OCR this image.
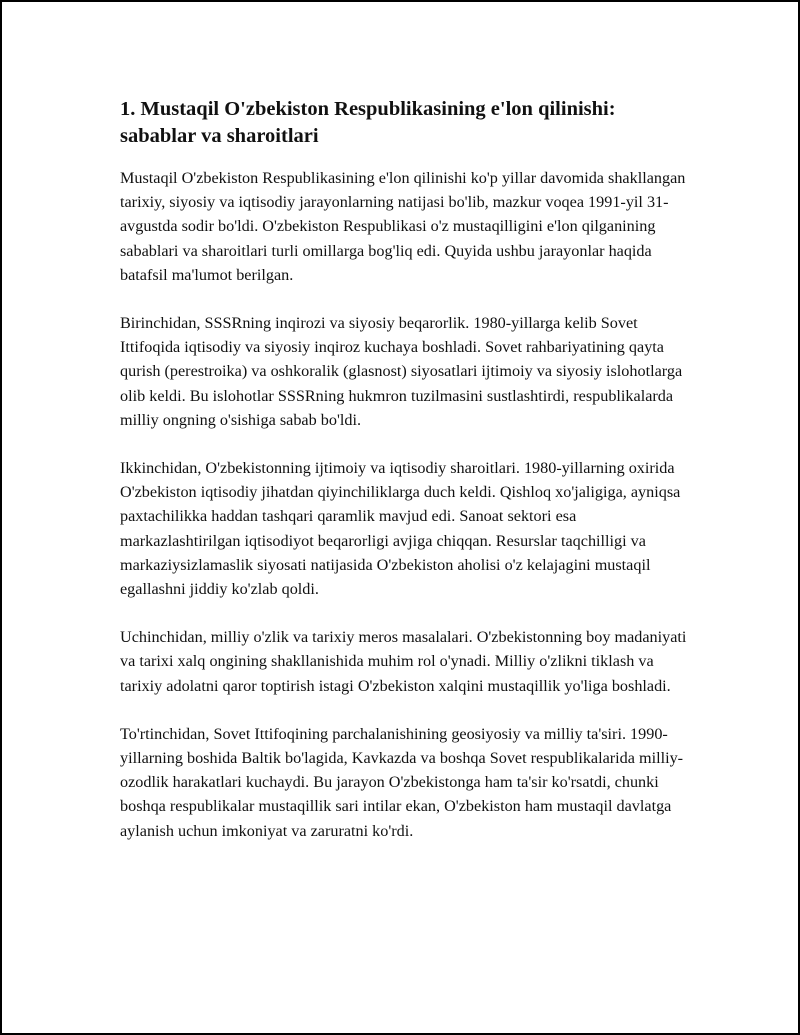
1. Mustaqil O'zbekiston Respublikasining e'lon qilinishi: sabablar va sharoitlari

Mustaqil O'zbekiston Respublikasining e'lon qilinishi ko'p yillar davomida shakllangan tarixiy, siyosiy va iqtisodiy jarayonlarning natijasi bo'lib, mazkur voqea 1991-yil 31-avgustda sodir bo'ldi. O'zbekiston Respublikasi o'z mustaqilligini e'lon qilganining sabablari va sharoitlari turli omillarga bog'liq edi. Quyida ushbu jarayonlar haqida batafsil ma'lumot berilgan.

Birinchidan, SSSRning inqirozi va siyosiy beqarorlik. 1980-yillarga kelib Sovet Ittifoqida iqtisodiy va siyosiy inqiroz kuchaya boshladi. Sovet rahbariyatining qayta qurish (perestroika) va oshkoralik (glasnost) siyosatlari ijtimoiy va siyosiy islohotlarga olib keldi. Bu islohotlar SSSRning hukmron tuzilmasini sustlashtirdi, respublikalarda milliy ongning o'sishiga sabab bo'ldi.

Ikkinchidan, O'zbekistonning ijtimoiy va iqtisodiy sharoitlari. 1980-yillarning oxirida O'zbekiston iqtisodiy jihatdan qiyinchiliklarga duch keldi. Qishloq xo'jaligiga, ayniqsa paxtachilikka haddan tashqari qaramlik mavjud edi. Sanoat sektori esa markazlashtirilgan iqtisodiyot beqarorligi avjiga chiqqan. Resurslar taqchilligi va markaziysizlamaslik siyosati natijasida O'zbekiston aholisi o'z kelajagini mustaqil egallashni jiddiy ko'zlab qoldi.

Uchinchidan, milliy o'zlik va tarixiy meros masalalari. O'zbekistonning boy madaniyati va tarixi xalq ongining shakllanishida muhim rol o'ynadi. Milliy o'zlikni tiklash va tarixiy adolatni qaror toptirish istagi O'zbekiston xalqini mustaqillik yo'liga boshladi.

To'rtinchidan, Sovet Ittifoqining parchalanishining geosiyosiy va milliy ta'siri. 1990-yillarning boshida Baltik bo'lagida, Kavkazda va boshqa Sovet respublikalarida milliy-ozodlik harakatlari kuchaydi. Bu jarayon O'zbekistonga ham ta'sir ko'rsatdi, chunki boshqa respublikalar mustaqillik sari intilar ekan, O'zbekiston ham mustaqil davlatga aylanish uchun imkoniyat va zaruratni ko'rdi.
